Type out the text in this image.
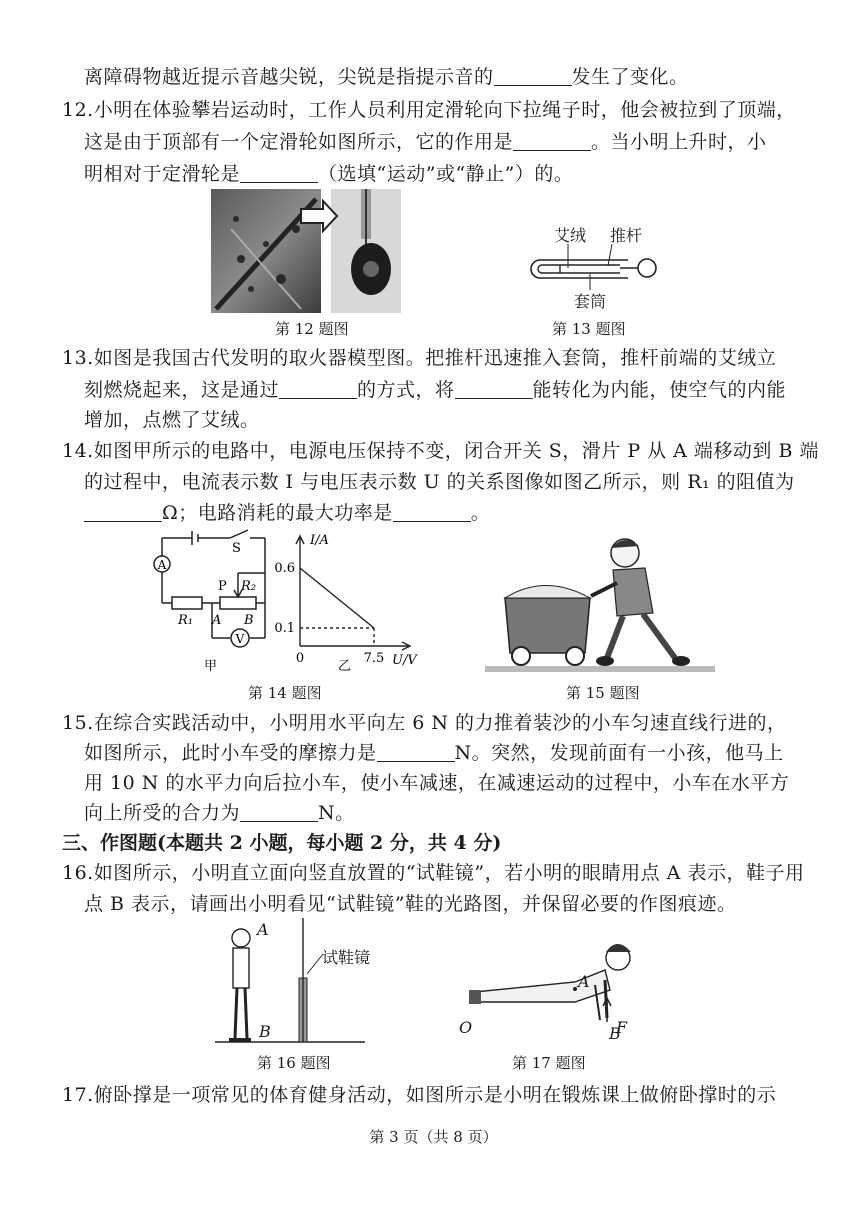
离障碍物越近提示音越尖锐，尖锐是指提示音的	发生了变化。
12.小明在体验攀岩运动时，工作人员利用定滑轮向下拉绳子时，他会被拉到了顶端，
这是由于顶部有一个定滑轮如图所示，它的作用是	。当小明上升时，小
明相对于定滑轮是	（选填“运动”或“静止”）的。
第 12 题图
艾绒 推杆
套筒
第 13 题图
13.如图是我国古代发明的取火器模型图。把推杆迅速推入套筒，推杆前端的艾绒立
刻燃烧起来，这是通过	的方式，将	能转化为内能，使空气的内能
增加，点燃了艾绒。
14.如图甲所示的电路中，电源电压保持不变，闭合开关 S，滑片 P 从 A 端移动到 B 端
的过程中，电流表示数 I 与电压表示数 U 的关系图像如图乙所示，则 R₁ 的阻值为
Ω；电路消耗的最大功率是	。
A
V
S
P R₂
R₁ A B
甲
I/A
U/V
0.6
0.1
0	7.5
乙
第 14 题图	第 15 题图
15.在综合实践活动中，小明用水平向左 6 N 的力推着装沙的小车匀速直线行进的，
如图所示，此时小车受的摩擦力是	N。突然，发现前面有一小孩，他马上
用 10 N 的水平力向后拉小车，使小车减速，在减速运动的过程中，小车在水平方
向上所受的合力为	N。
三、作图题(本题共 2 小题，每小题 2 分，共 4 分)
16.如图所示，小明直立面向竖直放置的“试鞋镜”，若小明的眼睛用点 A 表示，鞋子用
点 B 表示，请画出小明看见“试鞋镜”鞋的光路图，并保留必要的作图痕迹。
A
B
试鞋镜
第 16 题图
A
F
O	B
第 17 题图
17.俯卧撑是一项常见的体育健身活动，如图所示是小明在锻炼课上做俯卧撑时的示
第 3 页（共 8 页）
